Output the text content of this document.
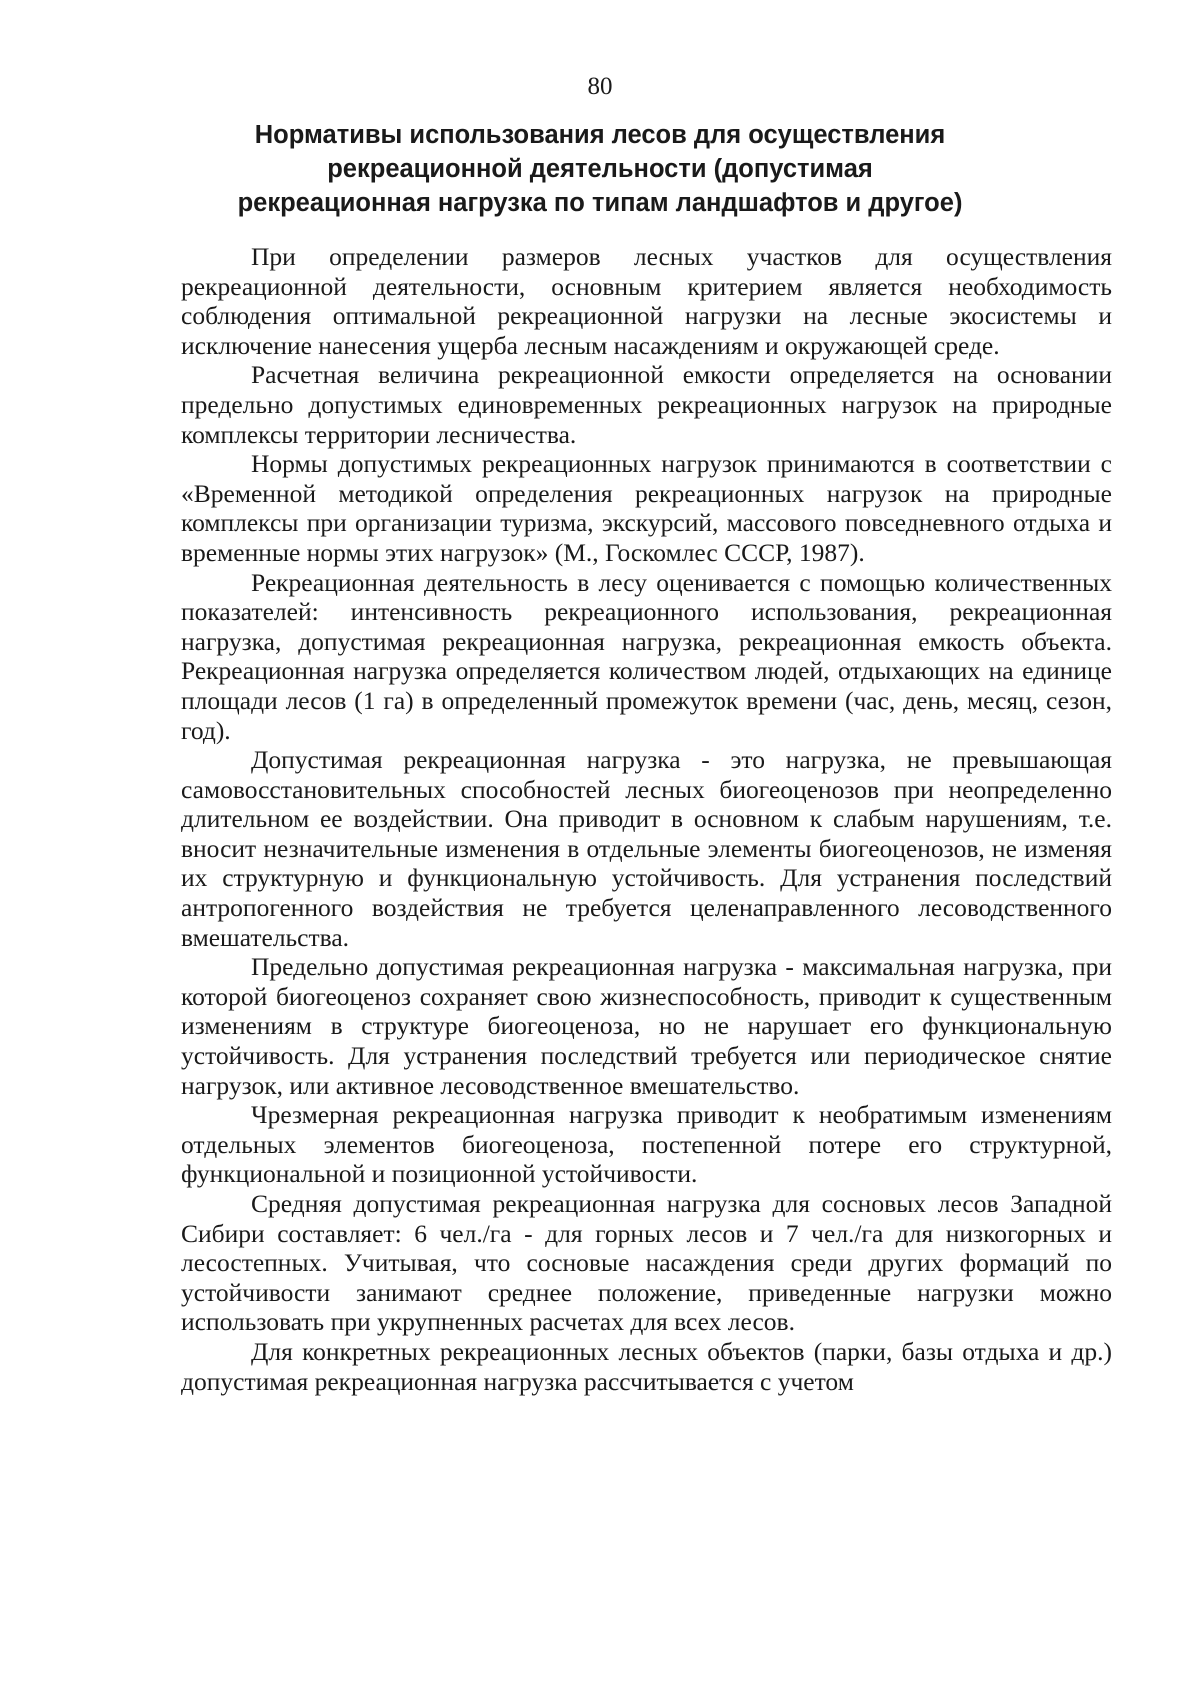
80
Нормативы использования лесов для осуществления рекреационной деятельности (допустимая рекреационная нагрузка по типам ландшафтов и другое)

При определении размеров лесных участков для осуществления рекреационной деятельности, основным критерием является необходимость соблюдения оптимальной рекреационной нагрузки на лесные экосистемы и исключение нанесения ущерба лесным насаждениям и окружающей среде.

Расчетная величина рекреационной емкости определяется на основании предельно допустимых единовременных рекреационных нагрузок на природные комплексы территории лесничества.

Нормы допустимых рекреационных нагрузок принимаются в соответствии с «Временной методикой определения рекреационных нагрузок на природные комплексы при организации туризма, экскурсий, массового повседневного отдыха и временные нормы этих нагрузок» (М., Госкомлес СССР, 1987).

Рекреационная деятельность в лесу оценивается с помощью количественных показателей: интенсивность рекреационного использования, рекреационная нагрузка, допустимая рекреационная нагрузка, рекреационная емкость объекта. Рекреационная нагрузка определяется количеством людей, отдыхающих на единице площади лесов (1 га) в определенный промежуток времени (час, день, месяц, сезон, год).

Допустимая рекреационная нагрузка - это нагрузка, не превышающая самовосстановительных способностей лесных биогеоценозов при неопределенно длительном ее воздействии. Она приводит в основном к слабым нарушениям, т.е. вносит незначительные изменения в отдельные элементы биогеоценозов, не изменяя их структурную и функциональную устойчивость. Для устранения последствий антропогенного воздействия не требуется целенаправленного лесоводственного вмешательства.

Предельно допустимая рекреационная нагрузка - максимальная нагрузка, при которой биогеоценоз сохраняет свою жизнеспособность, приводит к существенным изменениям в структуре биогеоценоза, но не нарушает его функциональную устойчивость. Для устранения последствий требуется или периодическое снятие нагрузок, или активное лесоводственное вмешательство.

Чрезмерная рекреационная нагрузка приводит к необратимым изменениям отдельных элементов биогеоценоза, постепенной потере его структурной, функциональной и позиционной устойчивости.

Средняя допустимая рекреационная нагрузка для сосновых лесов Западной Сибири составляет: 6 чел./га - для горных лесов и 7 чел./га для низкогорных и лесостепных. Учитывая, что сосновые насаждения среди других формаций по устойчивости занимают среднее положение, приведенные нагрузки можно использовать при укрупненных расчетах для всех лесов.

Для конкретных рекреационных лесных объектов (парки, базы отдыха и др.) допустимая рекреационная нагрузка рассчитывается с учетом
